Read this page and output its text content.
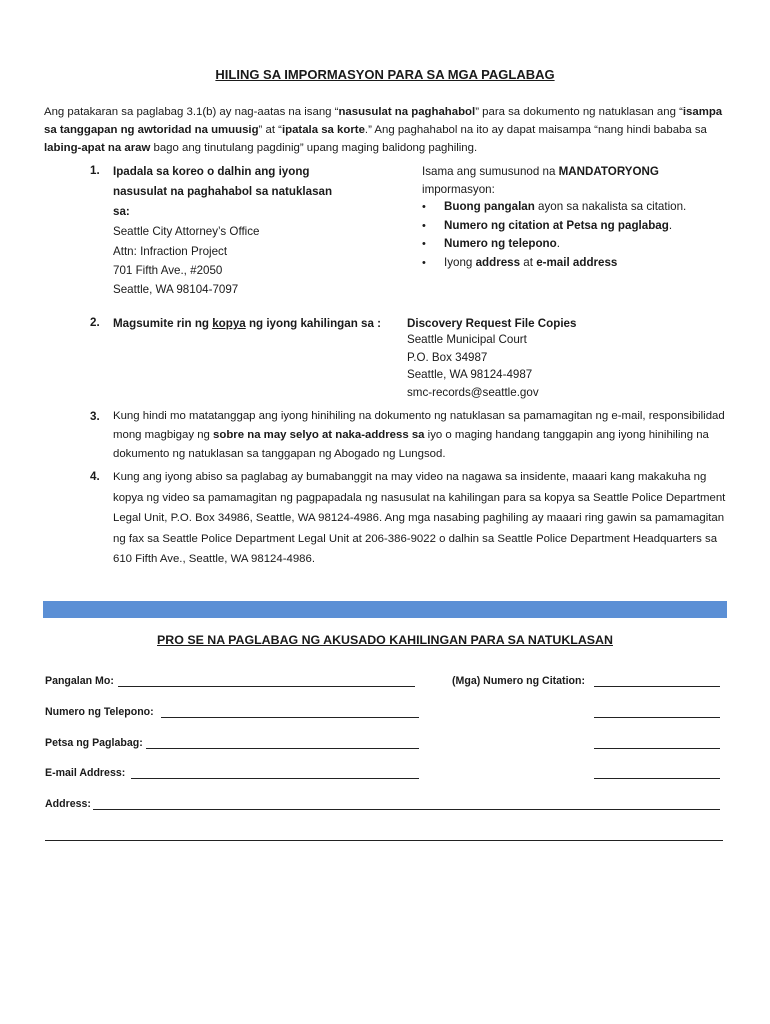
HILING SA IMPORMASYON PARA SA MGA PAGLABAG
Ang patakaran sa paglabag 3.1(b) ay nag-aatas na isang “nasusulat na paghahabol” para sa dokumento ng natuklasan ang “isampa sa tanggapan ng awtoridad na umuusig” at “ipatala sa korte.” Ang paghahabol na ito ay dapat maisampa “nang hindi bababa sa labing-apat na araw bago ang tinutulang pagdinig” upang maging balidong paghiling.
1. Ipadala sa koreo o dalhin ang iyong
nasusulat na paghahabol sa natuklasan
sa:
Seattle City Attorney’s Office
Attn: Infraction Project
701 Fifth Ave., #2050
Seattle, WA 98104-7097
Isama ang sumusunod na MANDATORYONG
impormasyon:
•	Buong pangalan ayon sa nakalista sa citation.
•	Numero ng citation at Petsa ng paglabag.
•	Numero ng telepono.
•	Iyong address at e-mail address
2. Magsumite rin ng kopya ng iyong kahilingan sa : Discovery Request File Copies
Seattle Municipal Court
P.O. Box 34987
Seattle, WA 98124-4987
smc-records@seattle.gov
3. Kung hindi mo matatanggap ang iyong hinihiling na dokumento ng natuklasan sa pamamagitan ng e-mail, responsibilidad mong magbigay ng sobre na may selyo at naka-address sa iyo o maging handang tanggapin ang iyong hinihiling na dokumento ng natuklasan sa tanggapan ng Abogado ng Lungsod.
4. Kung ang iyong abiso sa paglabag ay bumabanggit na may video na nagawa sa insidente, maaari kang makakuha ng kopya ng video sa pamamagitan ng pagpapadala ng nasusulat na kahilingan para sa kopya sa Seattle Police Department Legal Unit, P.O. Box 34986, Seattle, WA 98124-4986. Ang mga nasabing paghiling ay maaari ring gawin sa pamamagitan ng fax sa Seattle Police Department Legal Unit at 206-386-9022 o dalhin sa Seattle Police Department Headquarters sa 610 Fifth Ave., Seattle, WA 98124-4986.
PRO SE NA PAGLABAG NG AKUSADO KAHILINGAN PARA SA NATUKLASAN
Pangalan Mo:	(Mga) Numero ng Citation:
Numero ng Telepono:
Petsa ng Paglabag:
E-mail Address:
Address:
